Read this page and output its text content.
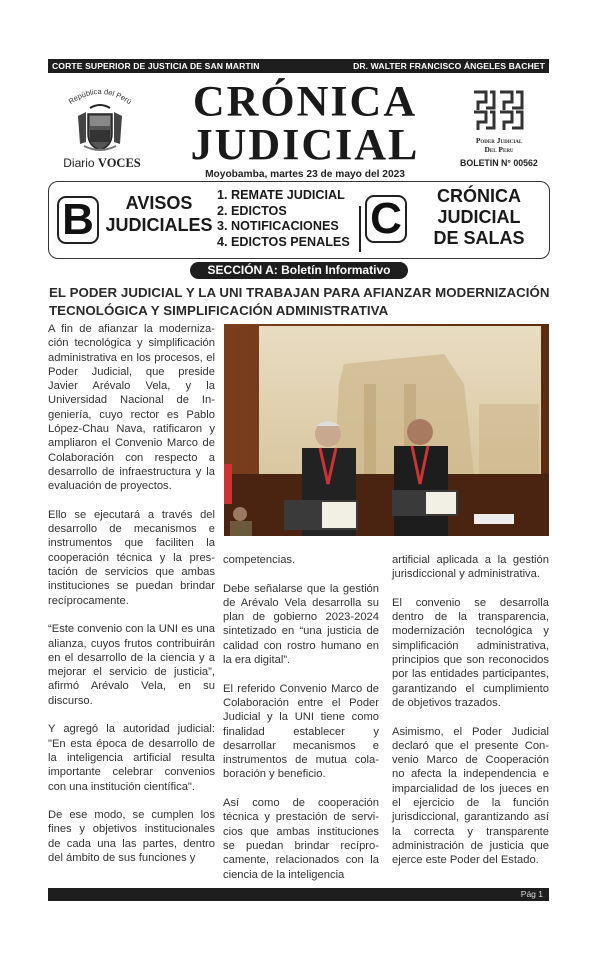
CORTE SUPERIOR DE JUSTICIA DE SAN MARTIN	DR. WALTER FRANCISCO ÁNGELES BACHET
República del Perú
Diario VOCES
CRÓNICA
JUDICIAL
Moyobamba, martes 23 de mayo del 2023
Poder Judicial
Del Peru
BOLETIN N° 00562
B	AVISOS
JUDICIALES
1. REMATE JUDICIAL
2. EDICTOS
3. NOTIFICACIONES
4. EDICTOS PENALES C	CRÓNICA
JUDICIAL
DE SALAS
SECCIÓN A: Boletín Informativo
EL PODER JUDICIAL Y LA UNI TRABAJAN PARA AFIANZAR MODERNIZACIÓN
TECNOLÓGICA Y SIMPLIFICACIÓN ADMINISTRATIVA

A fin de afianzar la modernización tecnológica y simplificación administrativa en los procesos, el Poder Judicial, que preside Javier Arévalo Vela, y la Universidad Nacional de Ingeniería, cuyo rector es Pablo López-Chau Nava, ratificaron y ampliaron el Convenio Marco de Colaboración con respecto a desarrollo de infraestructura y la evaluación de proyectos.

Ello se ejecutará a través del desarrollo de mecanismos e instrumentos que faciliten la cooperación técnica y la prestación de servicios que ambas instituciones se puedan brindar recíprocamente.

“Este convenio con la UNI es una alianza, cuyos frutos contribuirán en el desarrollo de la ciencia y a mejorar el servicio de justicia”, afirmó Arévalo Vela, en su discurso.

Y agregó la autoridad judicial: "En esta época de desarrollo de la inteligencia artificial resulta importante celebrar convenios con una institución científica".

De ese modo, se cumplen los fines y objetivos institucionales de cada una las partes, dentro del ámbito de sus funciones y

competencias.

Debe señalarse que la gestión de Arévalo Vela desarrolla su plan de gobierno 2023-2024 sintetizado en “una justicia de calidad con rostro humano en la era digital”.

El referido Convenio Marco de Colaboración entre el Poder Judicial y la UNI tiene como finalidad establecer y desarrollar mecanismos e instrumentos de mutua colaboración y beneficio.

Así como de cooperación técnica y prestación de servicios que ambas instituciones se puedan brindar recíprocamente, relacionados con la ciencia de la inteligencia

artificial aplicada a la gestión jurisdiccional y administrativa.

El convenio se desarrolla dentro de la transparencia, modernización tecnológica y simplificación administrativa, principios que son reconocidos por las entidades participantes, garantizando el cumplimiento de objetivos trazados.

Asimismo, el Poder Judicial declaró que el presente Convenio Marco de Cooperación no afecta la independencia e imparcialidad de los jueces en el ejercicio de la función jurisdiccional, garantizando así la correcta y transparente administración de justicia que ejerce este Poder del Estado.

Pág 1
